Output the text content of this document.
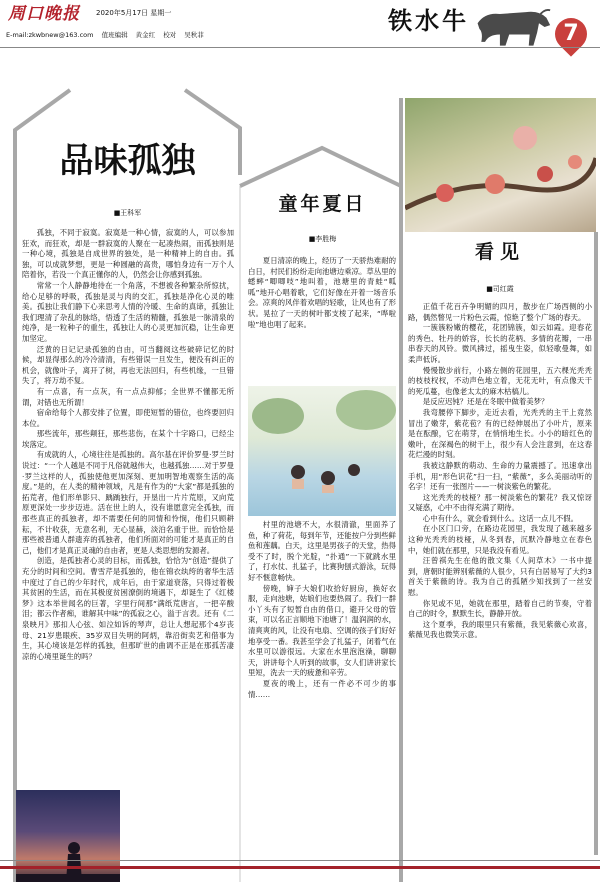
周口晚报 2020年5月17日 星期一
E-mail:zkwbnew@163.com 值班编辑 黄金红 校对 吴秋菲	铁水牛	7
品味孤独
■王科军

孤独，不同于寂寞。寂寞是一种心情，寂寞的人，可以参加狂欢，而狂欢，却是一群寂寞的人聚在一起凑热闹，而孤独则是一种心境，孤独是自成世界的独处，是一种精神上的自由。孤独，可以成就梦想，更是一种圆融的高贵，哪怕身边有一万个人陪着你，若没一个真正懂你的人，仍然会让你感到孤独。

常常一个人静静地待在一个角落，不想被各种繁杂所惊扰，给心足够的呼吸，孤独是灵与肉的交汇，孤独是净化心灵的唯美。孤独让我们静下心来思考人情的冷暖、生命的真谛，孤独让我们理清了杂乱的脉络，悟透了生活的精髓，孤独是一脉清泉的纯净，是一粒种子的重生，孤独让人的心灵更加沉稳，让生命更加坚定。

泛黄的日记记录孤独的自由，可当翻阅这些破碎记忆的时候，却显得那么的冷冷清清，有些错误一旦发生，便没有纠正的机会，就像叶子，离开了树，再也无法回归，有些机缘，一旦错失了，将万劫不复。

有一点喜，有一点灰，有一点点抑郁；全世界不懂都无所谓，对错也无所谓！

宿命给每个人都安排了位置，即使短暂的错位，也终要回归本位。

那些流年，那些颠狂，那些悲伤，在某个十字路口，已经尘埃落定。

有成就的人，心境往往是孤独的。高尔基在评价罗曼·罗兰时说过：“一个人越是不同于凡俗就越伟大，也越孤独……对于罗曼·罗兰这样的人，孤独使他更加深刻、更加明智地观察生活的高度。”是的，在人类的精神领域，凡是有作为的“大家”都是孤独的拓荒者，他们形单影只、踽踽独行，开垦出一片片荒原，又向荒原更深处一步步迈进。活在世上的人，没有谁愿意完全孤独，而那些真正的孤独者，却不需要任何的同情和怜悯，他们只顾耕耘，不计收获，无意名利，无心显赫，淡泊名重于世。而恰恰是那些被普通人群遗弃的孤独者，他们所面对的可能才是真正的自己，他们才是真正灵魂的自由者，更是人类思想的发源者。

创造，是孤独者心灵的目标，而孤独，恰恰为“创造”提供了充分的时间和空间。曹雪芹是孤独的，他在锦衣纨绔的奢华生活中度过了自己的少年时代，成年后，由于家道衰落，只得过着极其贫困的生活，而在其极度贫困潦倒的境遇下，却诞生了《红楼梦》这本举世闻名的巨著，字里行间那“满纸荒唐言，一把辛酸泪；都云作者痴，谁解其中味”的孤寂之心，溢于言表。还有《二泉映月》那扣人心弦、如泣如诉的琴声，总让人想起那个4岁丧母、21岁患眼疾、35岁双目失明的阿炳，靠沿街卖艺和借事为生，其心境该是怎样的孤独，但那旷世的曲调不正是在那孤苦凄凉的心境里诞生的吗？

童年夏日
■李胜梅

夏日清凉的晚上，经历了一天骄热难耐的白日，村民们纷纷走向池塘边乘凉。草丛里的蟋蟀“唧唧吱”地叫着，池塘里的青蛙“呱呱”地开心唱着歌，它们好像在开着一场音乐会。凉爽的风伴着欢唱的轻歌，让风也有了形状。晃拉了一天的树叶都支棱了起来，“哗啦啦”地也唱了起来。

村里的池塘不大，水很清澈，里面养了鱼，种了荷花，每到年节，还能按户分到些鲜鱼和莲藕。白天，这里是男孩子的天堂，热得受不了时，脱个光腚，“扑通”一下就跳水里了，打水仗、扎猛子，比赛狗刨式游泳，玩得好不惬意畅快。

傍晚，婶子大娘们收拾好厨房，换好衣服，走向池塘，姑娘们也要热闹了。我们一群小丫头有了短暂自由的借口，避开父母的管束，可以名正言顺地下池塘了！温润润的水，清爽爽的风，让没有电扇、空调的孩子们好好地享受一番。我甚至学会了扎猛子，闭着气在水里可以游很远。大家在水里泡泡澡，聊聊天，讲讲每个人听到的故事，女人们讲讲家长里短，洗去一天的疲惫和辛劳。

夏夜的晚上，还有一件必不可少的事情……

看见
■司红霞

正值千花百卉争明媚的四月，散步在广场西侧的小路，偶然瞥见一片粉色云霞，惊艳了整个广场的春天。

一簇簇粉嫩的樱花，花团锦簇，如云如霞。迎春花的秀色、牡丹的娇容，长长的花柄、多情的花瓣，一串串春天的风铃。微风拂过，摇曳生姿，似轻歌曼舞，如柔声低诉。

慢慢散步前行，小路左侧的花园里，五六棵光秃秃的枝枝杈杈，不动声色地立着，无花无叶，有点像天干的死瓜蔓，也像老太太的麻木枯槁儿。

是反应迟钝？还是在冬眠中做着美梦？

我弯腰停下脚步，走近去看，光秃秃的主干上竟然冒出了嫩芽，紫花苞？有的已经伸展出了小叶片，原来是在酝酿，它在萌芽，在悄悄地生长。小小的暗红色的嫩叶，在深褐色的树干上，很少有人会注意到，在这春花烂漫的时刻。

我被这静默的萌动、生命的力量震撼了。迅速拿出手机，用“形色识花”扫一扫，“紫薇”，多么美丽动听的名字！还有一张图片——一树淡紫色的繁花。

这光秃秃的枝桠？那一树淡紫色的繁花？我又惊讶又疑惑，心中不由得充满了期待。

心中有什么，就会看到什么。这话一点儿不假。

在小区门口旁，在路边花园里，我发现了越来越多这种光秃秃的枝桠，从冬到春，沉默冷静地立在春色中，她们就在那里，只是我没有看见。

汪曾祺先生在他的散文集《人间草木》一书中提到，唐朝时能辨别紫薇的人很少，只有白居易写了大约3首关于紫薇的诗。我为自己的孤陋少知找到了一丝安慰。

你见或不见，她就在那里，踏着自己的节奏，守着自己的时令，默默生长，静静开放。

这个夏季，我的眼里只有紫薇，我见紫薇心欢喜，紫薇见我也微笑示意。
